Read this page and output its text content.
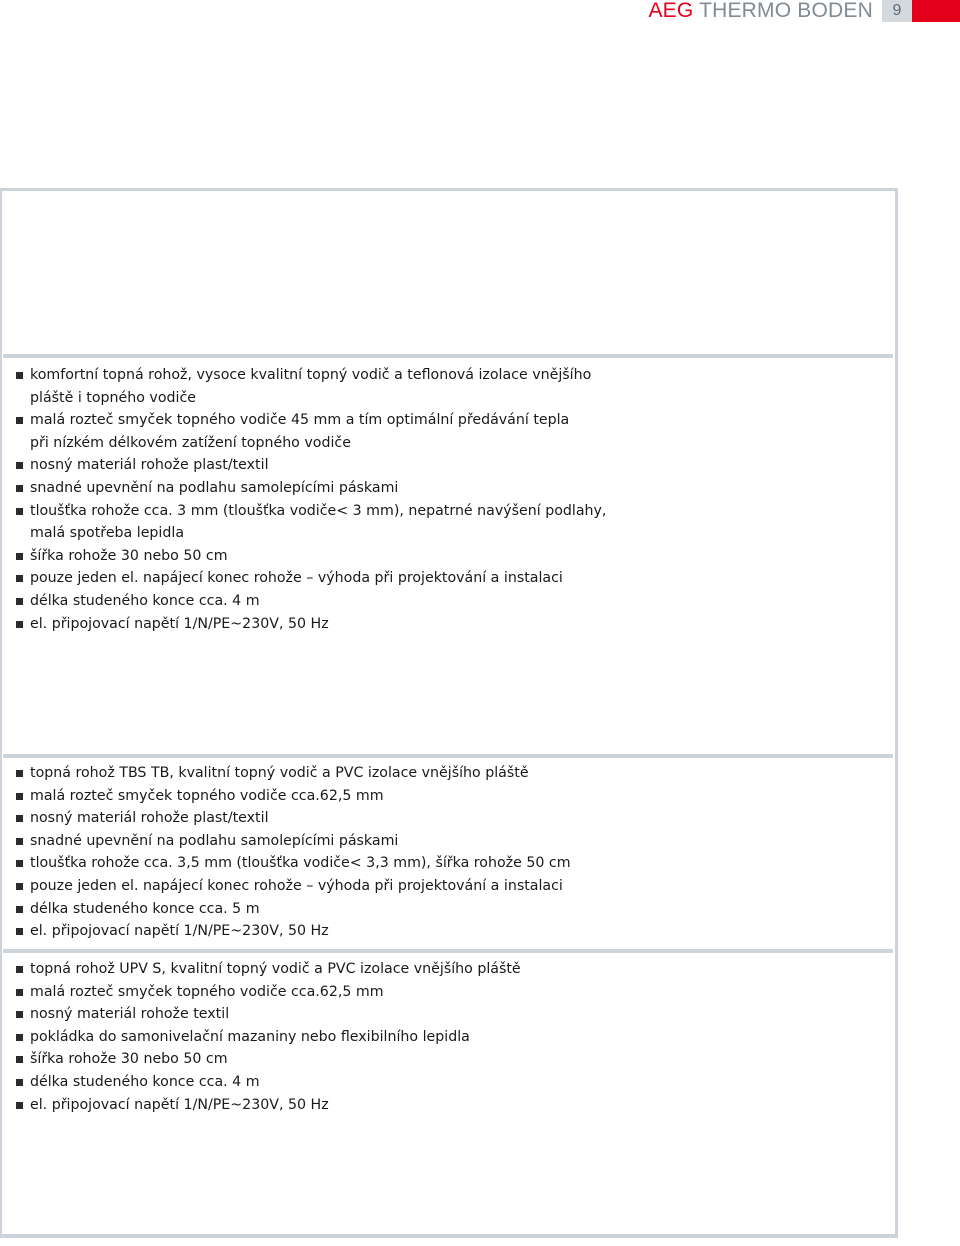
AEG THERMO BODEN	9
komfortní topná rohož, vysoce kvalitní topný vodič a teflonová izolace vnějšího
pláště i topného vodiče
malá rozteč smyček topného vodiče 45 mm a tím optimální předávání tepla
při nízkém délkovém zatížení topného vodiče
nosný materiál rohože plast/textil
snadné upevnění na podlahu samolepícími páskami
tloušťka rohože cca. 3 mm (tloušťka vodiče< 3 mm), nepatrné navýšení podlahy,
malá spotřeba lepidla
šířka rohože 30 nebo 50 cm
pouze jeden el. napájecí konec rohože – výhoda při projektování a instalaci
délka studeného konce cca. 4 m
el. připojovací napětí 1/N/PE~230V, 50 Hz
topná rohož TBS TB, kvalitní topný vodič a PVC izolace vnějšího pláště
malá rozteč smyček topného vodiče cca.62,5 mm
nosný materiál rohože plast/textil
snadné upevnění na podlahu samolepícími páskami
tloušťka rohože cca. 3,5 mm (tloušťka vodiče< 3,3 mm), šířka rohože 50 cm
pouze jeden el. napájecí konec rohože – výhoda při projektování a instalaci
délka studeného konce cca. 5 m
el. připojovací napětí 1/N/PE~230V, 50 Hz
topná rohož UPV S, kvalitní topný vodič a PVC izolace vnějšího pláště
malá rozteč smyček topného vodiče cca.62,5 mm
nosný materiál rohože textil
pokládka do samonivelační mazaniny nebo flexibilního lepidla
šířka rohože 30 nebo 50 cm
délka studeného konce cca. 4 m
el. připojovací napětí 1/N/PE~230V, 50 Hz
